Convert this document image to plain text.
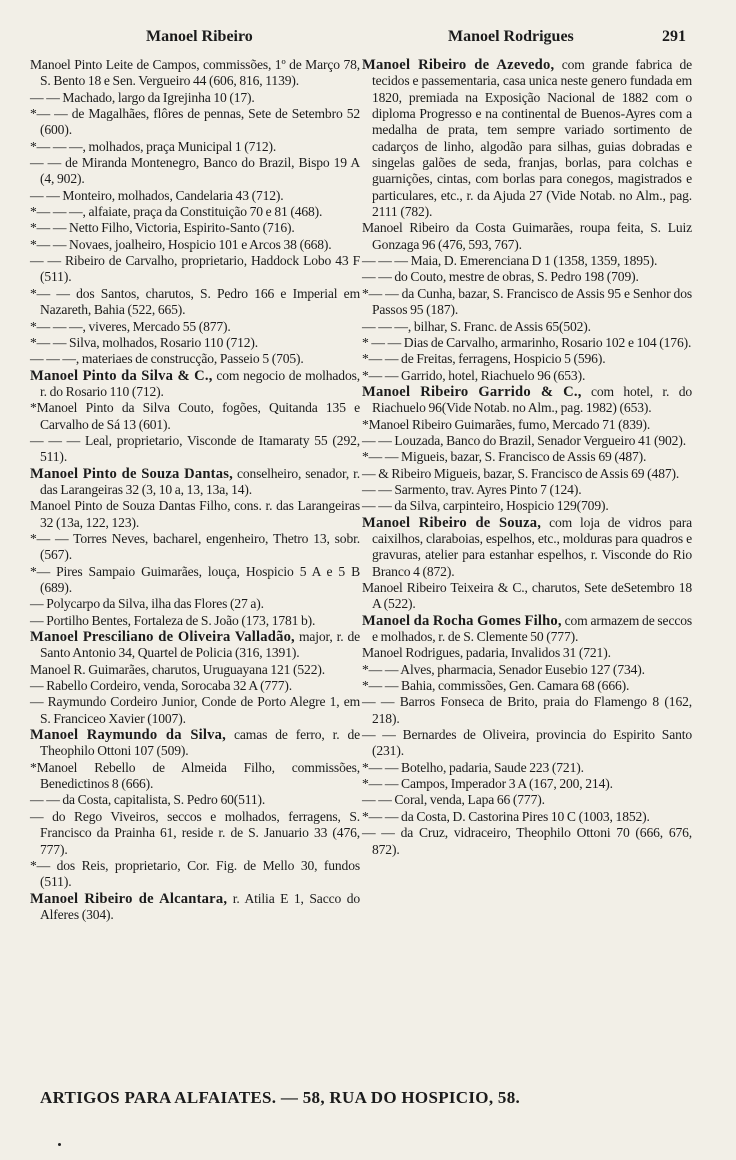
Manoel Ribeiro	Manoel Rodrigues	291

Manoel Pinto Leite de Campos, commissões, 1º de Março 78, S. Bento 18 e Sen. Vergueiro 44 (606, 816, 1139).

— — Machado, largo da Igrejinha 10 (17).

*— — de Magalhães, flôres de pennas, Sete de Setembro 52 (600).

*— — —, molhados, praça Municipal 1 (712).

— — de Miranda Montenegro, Banco do Brazil, Bispo 19 A (4, 902).

— — Monteiro, molhados, Candelaria 43 (712).

*— — —, alfaiate, praça da Constituição 70 e 81 (468).

*— — Netto Filho, Victoria, Espirito-Santo (716).

*— — Novaes, joalheiro, Hospicio 101 e Arcos 38 (668).

— — Ribeiro de Carvalho, proprietario, Haddock Lobo 43 F (511).

*— — dos Santos, charutos, S. Pedro 166 e Imperial em Nazareth, Bahia (522, 665).

*— — —, viveres, Mercado 55 (877).

*— — Silva, molhados, Rosario 110 (712).

— — —, materiaes de construcção, Passeio 5 (705).

Manoel Pinto da Silva & C., com negocio de molhados, r. do Rosario 110 (712).

*Manoel Pinto da Silva Couto, fogões, Quitanda 135 e Carvalho de Sá 13 (601).

— — — Leal, proprietario, Visconde de Itamaraty 55 (292, 511).

Manoel Pinto de Souza Dantas, conselheiro, senador, r. das Larangeiras 32 (3, 10 a, 13, 13a, 14).

Manoel Pinto de Souza Dantas Filho, cons. r. das Larangeiras 32 (13a, 122, 123).

*— — Torres Neves, bacharel, engenheiro, Thetro 13, sobr. (567).

*— Pires Sampaio Guimarães, louça, Hospicio 5 A e 5 B (689).

— Polycarpo da Silva, ilha das Flores (27 a).

— Portilho Bentes, Fortaleza de S. João (173, 1781 b).

Manoel Presciliano de Oliveira Valladão, major, r. de Santo Antonio 34, Quartel de Policia (316, 1391).

Manoel R. Guimarães, charutos, Uruguayana 121 (522).

— Rabello Cordeiro, venda, Sorocaba 32 A (777).

— Raymundo Cordeiro Junior, Conde de Porto Alegre 1, em S. Franciceo Xavier (1007).

Manoel Raymundo da Silva, camas de ferro, r. de Theophilo Ottoni 107 (509).

*Manoel Rebello de Almeida Filho, commissões, Benedictinos 8 (666).

— — da Costa, capitalista, S. Pedro 60(511).

— do Rego Viveiros, seccos e molhados, ferragens, S. Francisco da Prainha 61, reside r. de S. Januario 33 (476, 777).

*— dos Reis, proprietario, Cor. Fig. de Mello 30, fundos (511).

Manoel Ribeiro de Alcantara, r. Atilia E 1, Sacco do Alferes (304).

Manoel Ribeiro de Azevedo, com grande fabrica de tecidos e passementaria, casa unica neste genero fundada em 1820, premiada na Exposição Nacional de 1882 com o diploma Progresso e na continental de Buenos-Ayres com a medalha de prata, tem sempre variado sortimento de cadarços de linho, algodão para silhas, guias dobradas e singelas galões de seda, franjas, borlas, para colchas e guarnições, cintas, com borlas para conegos, magistrados e particulares, etc., r. da Ajuda 27 (Vide Notab. no Alm., pag. 2111 (782).

Manoel Ribeiro da Costa Guimarães, roupa feita, S. Luiz Gonzaga 96 (476, 593, 767).

— — — Maia, D. Emerenciana D 1 (1358, 1359, 1895).

— — do Couto, mestre de obras, S. Pedro 198 (709).

*— — da Cunha, bazar, S. Francisco de Assis 95 e Senhor dos Passos 95 (187).

— — —, bilhar, S. Franc. de Assis 65(502).

* — — Dias de Carvalho, armarinho, Rosario 102 e 104 (176).

*— — de Freitas, ferragens, Hospicio 5 (596).

*— — Garrido, hotel, Riachuelo 96 (653).

Manoel Ribeiro Garrido & C., com hotel, r. do Riachuelo 96(Vide Notab. no Alm., pag. 1982) (653).

*Manoel Ribeiro Guimarães, fumo, Mercado 71 (839).

— — Louzada, Banco do Brazil, Senador Vergueiro 41 (902).

*— — Migueis, bazar, S. Francisco de Assis 69 (487).

— & Ribeiro Migueis, bazar, S. Francisco de Assis 69 (487).

— — Sarmento, trav. Ayres Pinto 7 (124).

— — da Silva, carpinteiro, Hospicio 129(709).

Manoel Ribeiro de Souza, com loja de vidros para caixilhos, claraboias, espelhos, etc., molduras para quadros e gravuras, atelier para estanhar espelhos, r. Visconde do Rio Branco 4 (872).

Manoel Ribeiro Teixeira & C., charutos, Sete deSetembro 18 A (522).

Manoel da Rocha Gomes Filho, com armazem de seccos e molhados, r. de S. Clemente 50 (777).

Manoel Rodrigues, padaria, Invalidos 31 (721).

*— — Alves, pharmacia, Senador Eusebio 127 (734).

*— — Bahia, commissões, Gen. Camara 68 (666).

— — Barros Fonseca de Brito, praia do Flamengo 8 (162, 218).

— — Bernardes de Oliveira, provincia do Espirito Santo (231).

*— — Botelho, padaria, Saude 223 (721).

*— — Campos, Imperador 3 A (167, 200, 214).

— — Coral, venda, Lapa 66 (777).

*— — da Costa, D. Castorina Pires 10 C (1003, 1852).

— — da Cruz, vidraceiro, Theophilo Ottoni 70 (666, 676, 872).

ARTIGOS PARA ALFAIATES. — 58, RUA DO HOSPICIO, 58.
